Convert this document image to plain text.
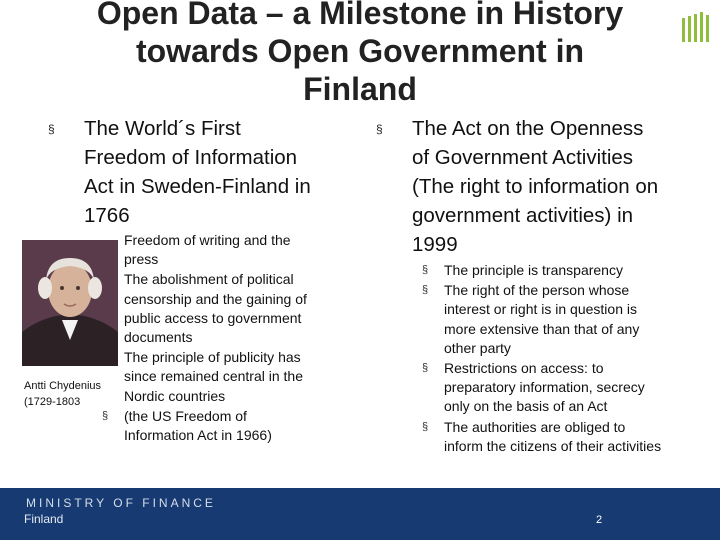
Open Data – a Milestone in History
towards Open Government in
Finland
§ The World´s First
Freedom of Information
Act in Sweden-Finland in
1766
Antti Chydenius
(1729-1803
Freedom of writing and the
press
The abolishment of political
censorship and the gaining of
public access to government
documents
The principle of publicity has
since remained central in the
Nordic countries
§ (the US Freedom of
Information Act in 1966)
§ The Act on the Openness
of Government Activities
(The right to information on
government activities) in
1999
§ The principle is transparency
§ The right of the person whose
interest or right is in question is
more extensive than that of any
other party
§ Restrictions on access: to
preparatory information, secrecy
only on the basis of an Act
§ The authorities are obliged to
inform the citizens of their activities
MINISTRY OF FINANCE
Finland	2
